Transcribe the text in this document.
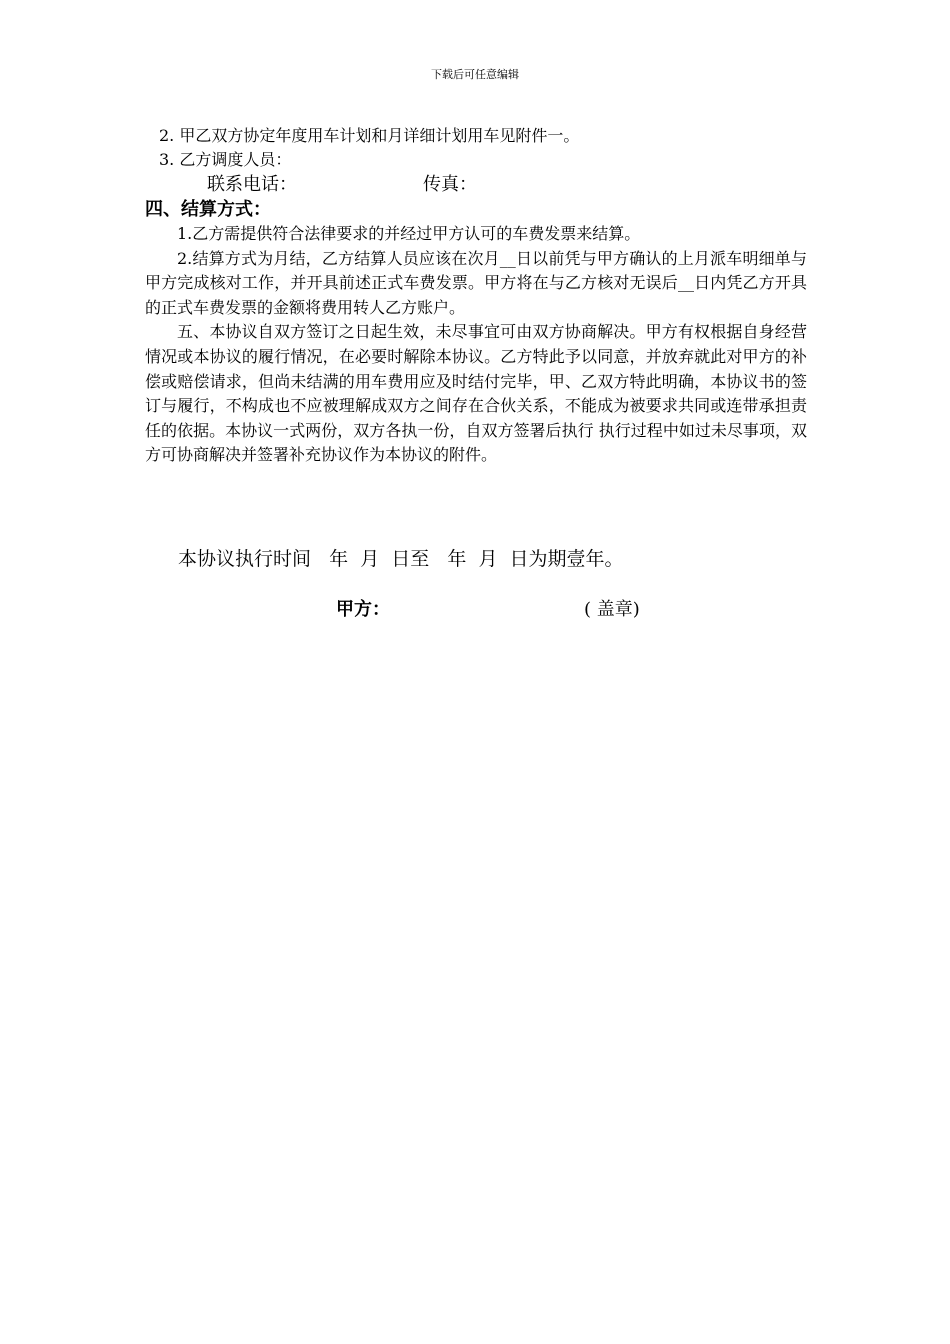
下载后可任意编辑
2. 甲乙双方协定年度用车计划和月详细计划用车见附件一。
3. 乙方调度人员：
联系电话：	传真：
四、结算方式：

1.乙方需提供符合法律要求的并经过甲方认可的车费发票来结算。

2.结算方式为月结，乙方结算人员应该在次月__日以前凭与甲方确认的上月派车明细单与甲方完成核对工作，并开具前述正式车费发票。甲方将在与乙方核对无误后__日内凭乙方开具的正式车费发票的金额将费用转人乙方账户。

五、本协议自双方签订之日起生效，未尽事宜可由双方协商解决。甲方有权根据自身经营情况或本协议的履行情况，在必要时解除本协议。乙方特此予以同意，并放弃就此对甲方的补偿或赔偿请求，但尚未结满的用车费用应及时结付完毕，甲、乙双方特此明确，本协议书的签订与履行，不构成也不应被理解成双方之间存在合伙关系，不能成为被要求共同或连带承担责任的依据。本协议一式两份，双方各执一份，自双方签署后执行 执行过程中如过未尽事项，双方可协商解决并签署补充协议作为本协议的附件。

本协议执行时间   年  月  日至   年  月  日为期壹年。
甲方：	( 盖章)
